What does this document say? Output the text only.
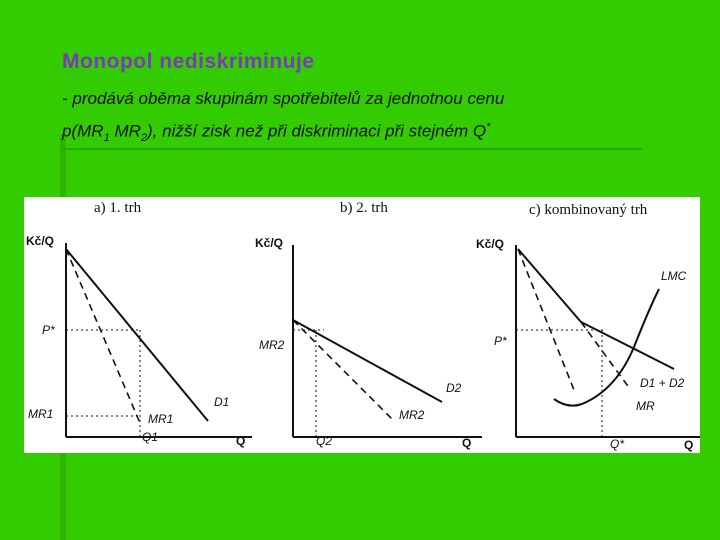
Monopol nediskriminuje
- prodává oběma skupinám spotřebitelů za jednotnou cenu
$p(MR_1$ $MR_2$), nižší zisk než při diskriminaci při stejném Q*
a) 1. trh
Kč/Q
Q
P*
MR1
D1
MR1
Q1
b) 2. trh
Kč/Q
Q
MR2
D2
MR2
Q2
c) kombinovaný trh
Kč/Q
Q
P*
LMC
D1 + D2
MR
Q*
